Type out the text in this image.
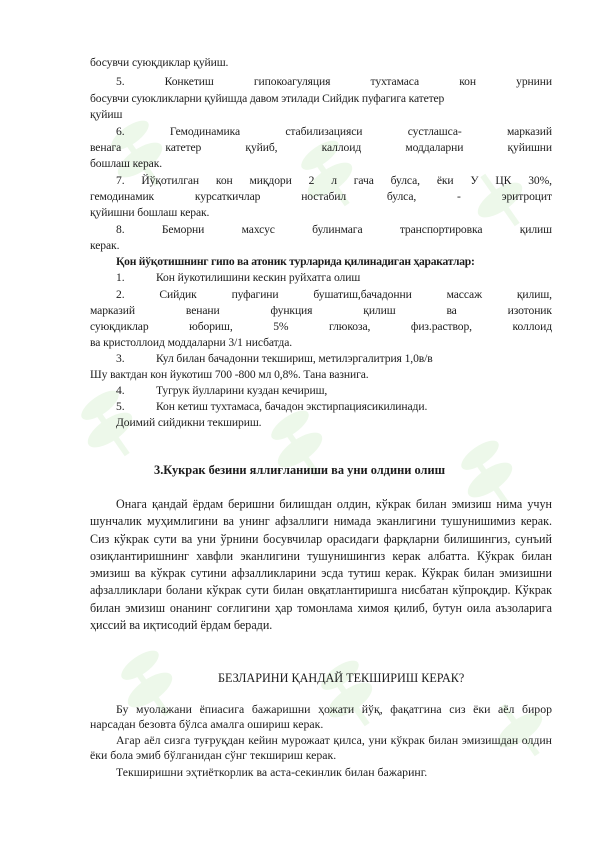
босувчи суюқдиклар қуйиш.
5.	Конкетиш	гипокоагуляция	тухтамаса	кон	урнини
босувчи суюкликларни қуйишда давом этилади Сийдик пуфагига катетер
қуйиш
6.	Гемодинамика	стабилизацияси	сустлашса-	марказий
венага	катетер	қуйиб,	каллоид	моддаларни	қуйишни
бошлаш керак.
7. Йўқотилган кон миқдори 2 л гача булса, ёки У ЦК 30%,
гемодинамик	курсаткичлар	ностабил	булса,	-	эритроцит
қуйишни бошлаш керак.
8.	Беморни	махсус	булинмага	транспортировка	қилиш
керак.
Қон йўқотишнинг гипо ва атоник турларида қилинадиган ҳаракатлар:
1.	Кон йукотилишини кескин руйхатга олиш
2.	Сийдик	пуфагини	бушатиш,бачадонни	массаж	қилиш,
марказий	венани	функция	қилиш	ва	изотоник
суюқдиклар	юбориш,	5%	глюкоза,	физ.раствор,	коллоид
ва кристоллоид моддаларни 3/1 нисбатда.
3.	Кул билан бачадонни текшириш, метилэргалитрия 1,0в/в
Шу вактдан кон йукотиш 700 -800 мл 0,8%. Тана вазнига.
4.	Тугрук йулларини куздан кечириш,
5.	Кон кетиш тухтамаса, бачадон экстирпациясикилинади.
Доимий сийдикни текшириш.
3.Кукрак безини яллиғланиши ва уни олдини олиш
Онага қандай ёрдам беришни билишдан олдин, кўкрак билан эмизиш нима учун шунчалик муҳимлигини ва унинг афзаллиги нимада эканлигини тушунишимиз керак. Сиз кўкрак сути ва уни ўрнини босувчилар орасидаги фарқларни билишингиз, сунъий озиқлантиришнинг хавфли эканлигини тушунишингиз керак албатта. Кўкрак билан эмизиш ва кўкрак сутини афзалликларини эсда тутиш керак. Кўкрак билан эмизишни афзалликлари болани кўкрак сути билан овқатлантиришга нисбатан кўпроқдир. Кўкрак билан эмизиш онанинг соғлигини ҳар томонлама химоя қилиб, бутун оила аъзоларига ҳиссий ва иқтисодий ёрдам беради.
БЕЗЛАРИНИ ҚАНДАЙ ТЕКШИРИШ КЕРАК?
Бу муолажани ёпиасига бажаришни ҳожати йўқ, фақатгина сиз ёки аёл бирор нарсадан безовта бўлса амалга ошириш керак.
Агар аёл сизга туғруқдан кейин мурожаат қилса, уни кўкрак билан эмизишдан олдин ёки бола эмиб бўлганидан сўнг текшириш керак.
Текширишни эҳтиёткорлик ва аста-секинлик билан бажаринг.
